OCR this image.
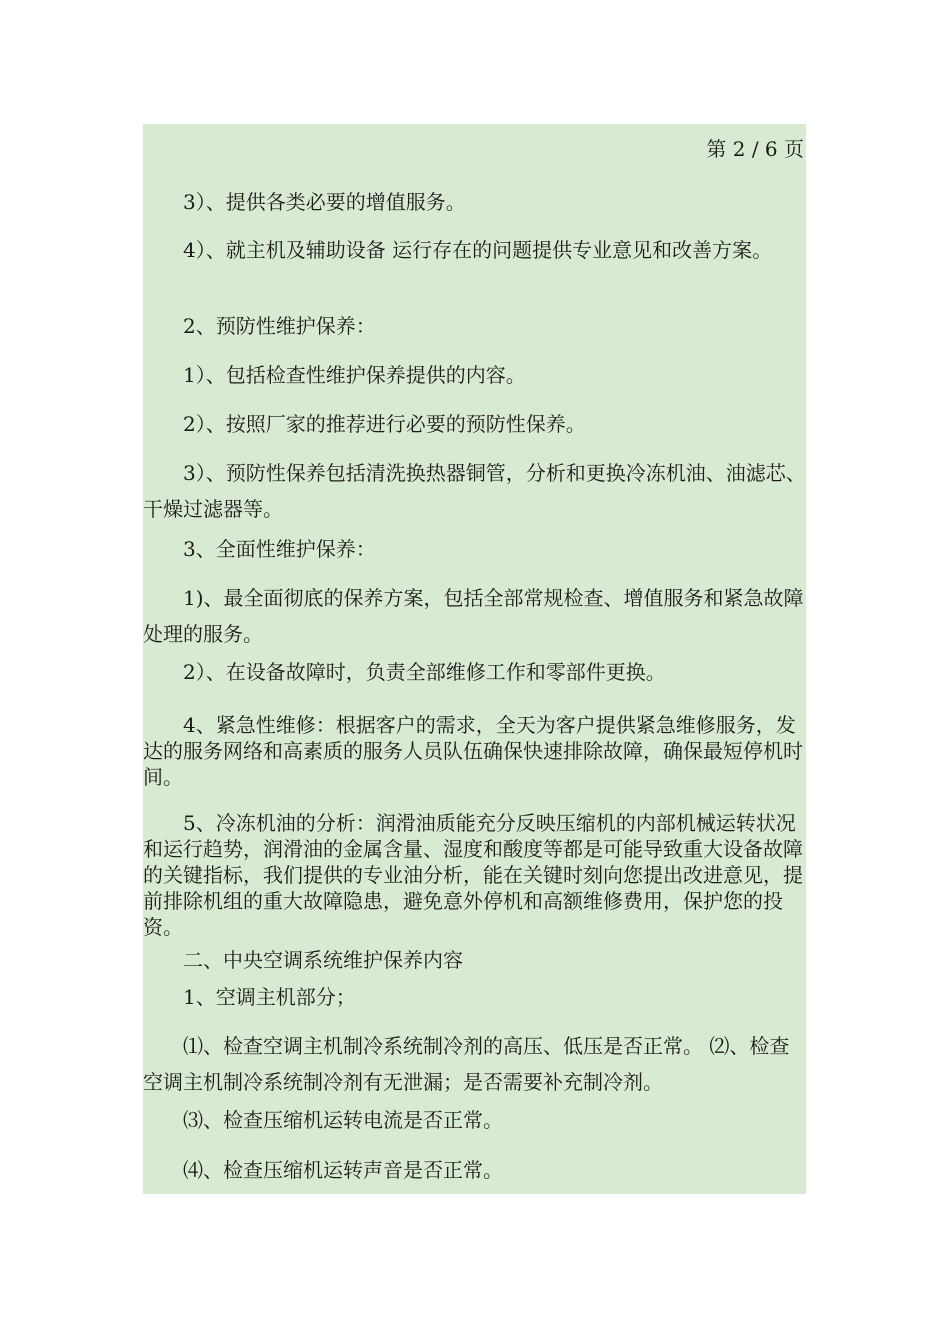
第 2 / 6 页

3）、提供各类必要的增值服务。

4）、就主机及辅助设备 运行存在的问题提供专业意见和改善方案。

2、预防性维护保养：

1）、包括检查性维护保养提供的内容。

2）、按照厂家的推荐进行必要的预防性保养。

3）、预防性保养包括清洗换热器铜管，分析和更换冷冻机油、油滤芯、干燥过滤器等。

3、全面性维护保养：

1)、最全面彻底的保养方案，包括全部常规检查、增值服务和紧急故障处理的服务。

2）、在设备故障时，负责全部维修工作和零部件更换。

4、紧急性维修：根据客户的需求，全天为客户提供紧急维修服务，发达的服务网络和高素质的服务人员队伍确保快速排除故障，确保最短停机时间。

5、冷冻机油的分析：润滑油质能充分反映压缩机的内部机械运转状况和运行趋势，润滑油的金属含量、湿度和酸度等都是可能导致重大设备故障的关键指标，我们提供的专业油分析，能在关键时刻向您提出改进意见，提前排除机组的重大故障隐患，避免意外停机和高额维修费用，保护您的投资。

二、中央空调系统维护保养内容

1、空调主机部分；

⑴、检查空调主机制冷系统制冷剂的高压、低压是否正常。 ⑵、检查空调主机制冷系统制冷剂有无泄漏；是否需要补充制冷剂。

⑶、检查压缩机运转电流是否正常。

⑷、检查压缩机运转声音是否正常。
